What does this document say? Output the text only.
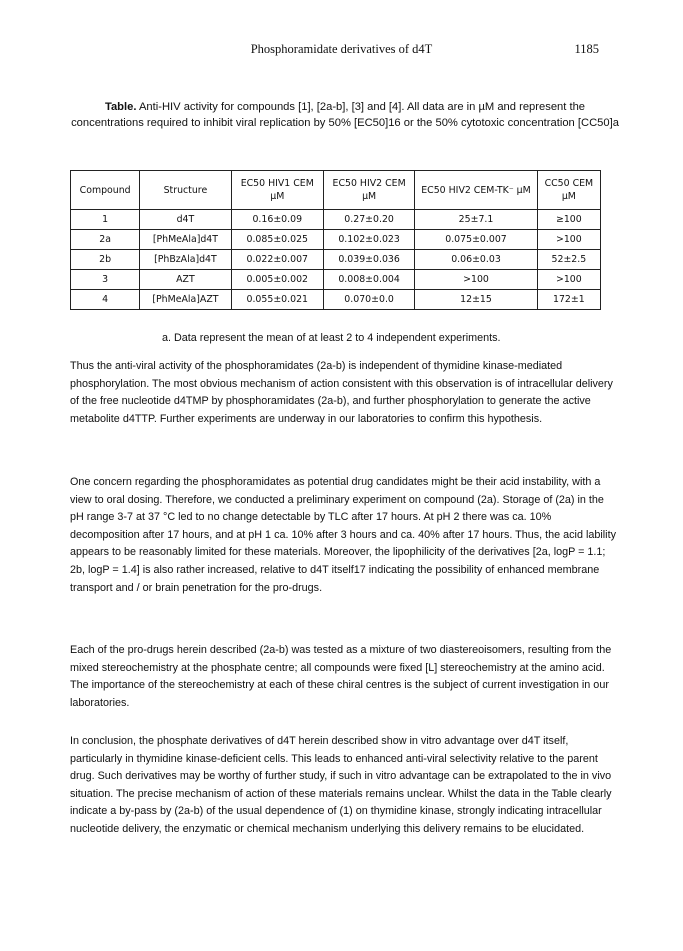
Phosphoramidate derivatives of d4T	1185
Table. Anti-HIV activity for compounds [1], [2a-b], [3] and [4]. All data are in µM and represent the concentrations required to inhibit viral replication by 50% [EC50]16 or the 50% cytotoxic concentration [CC50]a
Compound	Structure	EC50 HIV1 CEM µM	EC50 HIV2 CEM µM	EC50 HIV2 CEM-TK⁻ µM	CC50 CEM µM
1	d4T	0.16±0.09	0.27±0.20	25±7.1	≥100
2a	[PhMeAla]d4T	0.085±0.025	0.102±0.023	0.075±0.007	>100
2b	[PhBzAla]d4T	0.022±0.007	0.039±0.036	0.06±0.03	52±2.5
3	AZT	0.005±0.002	0.008±0.004	>100	>100
4	[PhMeAla]AZT	0.055±0.021	0.070±0.0	12±15	172±1
a. Data represent the mean of at least 2 to 4 independent experiments.

Thus the anti-viral activity of the phosphoramidates (2a-b) is independent of thymidine kinase-mediated phosphorylation. The most obvious mechanism of action consistent with this observation is of intracellular delivery of the free nucleotide d4TMP by phosphoramidates (2a-b), and further phosphorylation to generate the active metabolite d4TTP. Further experiments are underway in our laboratories to confirm this hypothesis.

One concern regarding the phosphoramidates as potential drug candidates might be their acid instability, with a view to oral dosing. Therefore, we conducted a preliminary experiment on compound (2a). Storage of (2a) in the pH range 3-7 at 37 °C led to no change detectable by TLC after 17 hours. At pH 2 there was ca. 10% decomposition after 17 hours, and at pH 1 ca. 10% after 3 hours and ca. 40% after 17 hours. Thus, the acid lability appears to be reasonably limited for these materials. Moreover, the lipophilicity of the derivatives [2a, logP = 1.1; 2b, logP = 1.4] is also rather increased, relative to d4T itself17 indicating the possibility of enhanced membrane transport and / or brain penetration for the pro-drugs.

Each of the pro-drugs herein described (2a-b) was tested as a mixture of two diastereoisomers, resulting from the mixed stereochemistry at the phosphate centre; all compounds were fixed [L] stereochemistry at the amino acid. The importance of the stereochemistry at each of these chiral centres is the subject of current investigation in our laboratories.

In conclusion, the phosphate derivatives of d4T herein described show in vitro advantage over d4T itself, particularly in thymidine kinase-deficient cells. This leads to enhanced anti-viral selectivity relative to the parent drug. Such derivatives may be worthy of further study, if such in vitro advantage can be extrapolated to the in vivo situation. The precise mechanism of action of these materials remains unclear. Whilst the data in the Table clearly indicate a by-pass by (2a-b) of the usual dependence of (1) on thymidine kinase, strongly indicating intracellular nucleotide delivery, the enzymatic or chemical mechanism underlying this delivery remains to be elucidated.
